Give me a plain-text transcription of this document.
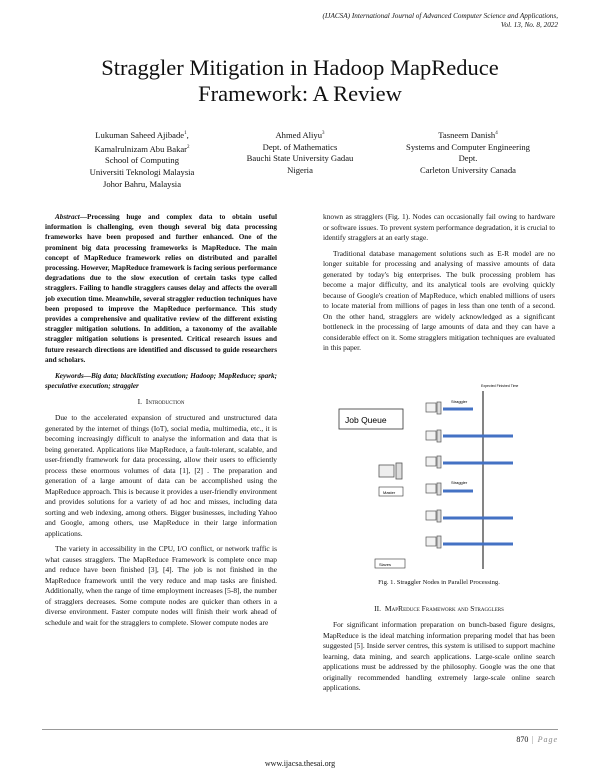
(IJACSA) International Journal of Advanced Computer Science and Applications,
Vol. 13, No. 8, 2022
Straggler Mitigation in Hadoop MapReduce
Framework: A Review
Lukuman Saheed Ajibade$^1$,
Kamalrulnizam Abu Bakar$^2$
School of Computing
Universiti Teknologi Malaysia
Johor Bahru, Malaysia
Ahmed Aliyu$^3$
Dept. of Mathematics
Bauchi State University Gadau
Nigeria
Tasneem Danish$^4$
Systems and Computer Engineering
Dept.
Carleton University Canada

Abstract—Processing huge and complex data to obtain useful information is challenging, even though several big data processing frameworks have been proposed and further enhanced. One of the prominent big data processing frameworks is MapReduce. The main concept of MapReduce framework relies on distributed and parallel processing. However, MapReduce framework is facing serious performance degradations due to the slow execution of certain tasks type called stragglers. Failing to handle stragglers causes delay and affects the overall job execution time. Meanwhile, several straggler reduction techniques have been proposed to improve the MapReduce performance. This study provides a comprehensive and qualitative review of the different existing straggler mitigation solutions. In addition, a taxonomy of the available straggler mitigation solutions is presented. Critical research issues and future research directions are identified and discussed to guide researchers and scholars.

Keywords—Big data; blacklisting execution; Hadoop; MapReduce; spark; speculative execution; straggler

I. Introduction

Due to the accelerated expansion of structured and unstructured data generated by the internet of things (IoT), social media, multimedia, etc., it is becoming increasingly difficult to analyse the information and data that is being generated. Applications like MapReduce, a fault-tolerant, scalable, and user-friendly framework for data processing, allow their users to efficiently process these enormous volumes of data [1], [2] . The preparation and generation of a large amount of data can be accomplished using the MapReduce approach. This is because it provides a user-friendly environment and provides solutions for a variety of ad hoc and misses, including data sorting and web indexing, among others. Bigger businesses, including Yahoo and Google, among others, use MapReduce in their large information applications.

The variety in accessibility in the CPU, I/O conflict, or network traffic is what causes stragglers. The MapReduce Framework is complete once map and reduce have been finished [3], [4]. The job is not finished in the MapReduce framework until the very reduce and map tasks are finished. Additionally, when the range of time employment increases [5-8], the number of stragglers decreases. Some compute nodes are quicker than others in a diverse environment. Faster compute nodes will finish their work ahead of schedule and wait for the stragglers to complete. Slower compute nodes are

known as stragglers (Fig. 1). Nodes can occasionally fail owing to hardware or software issues. To prevent system performance degradation, it is crucial to identify stragglers at an early stage.

Traditional database management solutions such as E-R model are no longer suitable for processing and analysing of massive amounts of data generated by today's big enterprises. The bulk processing problem has become a major difficulty, and its analytical tools are evolving quickly because of Google's creation of MapReduce, which enabled millions of users to locate material from millions of pages in less than one tenth of a second. On the other hand, stragglers are widely acknowledged as a significant bottleneck in the processing of large amounts of data and they can have a considerable effect on it. Some stragglers mitigation techniques are evaluated in this paper.

Job Queue
Expected Finished Time
Master
Slaves
Straggler
Straggler
Fig. 1. Straggler Nodes in Parallel Processing.
II. MapReduce Framework and Stragglers

For significant information preparation on bunch-based figure designs, MapReduce is the ideal matching information preparing model that has been suggested [5]. Inside server centres, this system is utilised to support machine learning, data mining, and search applications. Large-scale online search applications must be addressed by the philosophy. Google was the one that originally recommended handling extremely large-scale online search applications.

870 | Page
www.ijacsa.thesai.org
